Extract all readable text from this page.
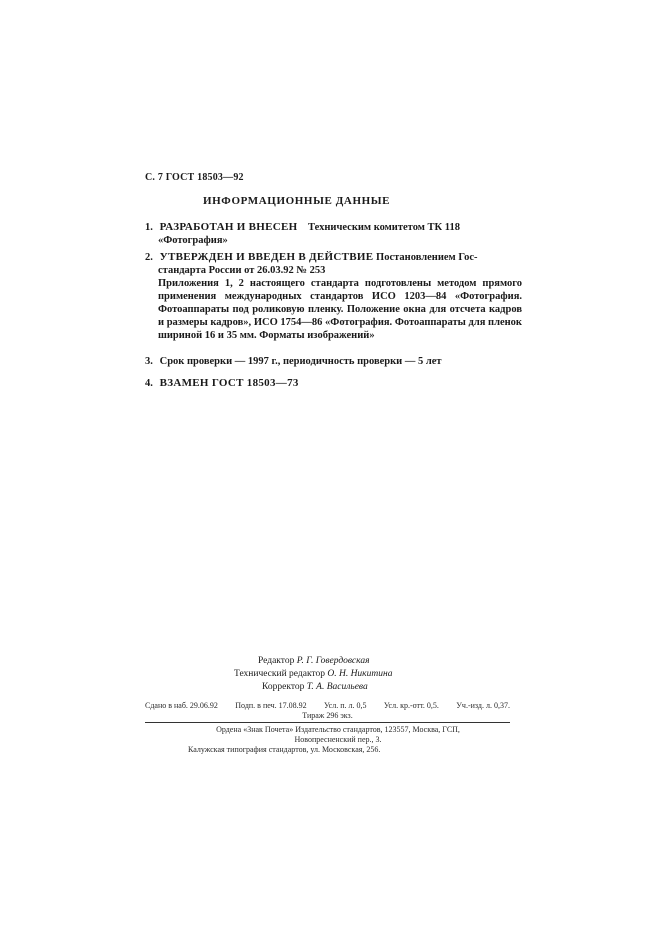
С. 7 ГОСТ 18503—92
ИНФОРМАЦИОННЫЕ ДАННЫЕ
1. РАЗРАБОТАН И ВНЕСЕН Техническим комитетом ТК 118
«Фотография»
2. УТВЕРЖДЕН И ВВЕДЕН В ДЕЙСТВИЕ Постановлением Гос-
стандарта России от 26.03.92 № 253
Приложения 1, 2 настоящего стандарта подготовлены методом прямого применения международных стандартов ИСО 1203—84 «Фотография. Фотоаппараты под роликовую пленку. Положение окна для отсчета кадров и размеры кадров», ИСО 1754—86 «Фотография. Фотоаппараты для пленок шириной 16 и 35 мм. Форматы изображений»
3. Срок проверки — 1997 г., периодичность проверки — 5 лет
4. ВЗАМЕН ГОСТ 18503—73
Редактор Р. Г. Говердовская
Технический редактор О. Н. Никитина
Корректор Т. А. Васильева
Сдано в наб. 29.06.92 Подп. в печ. 17.08.92 Усл. п. л. 0,5 Усл. кр.-отт. 0,5. Уч.-изд. л. 0,37.
Тираж 296 экз.
Ордена «Знак Почета» Издательство стандартов, 123557, Москва, ГСП,
Новопресненский пер., 3.
Калужская типография стандартов, ул. Московская, 256.
